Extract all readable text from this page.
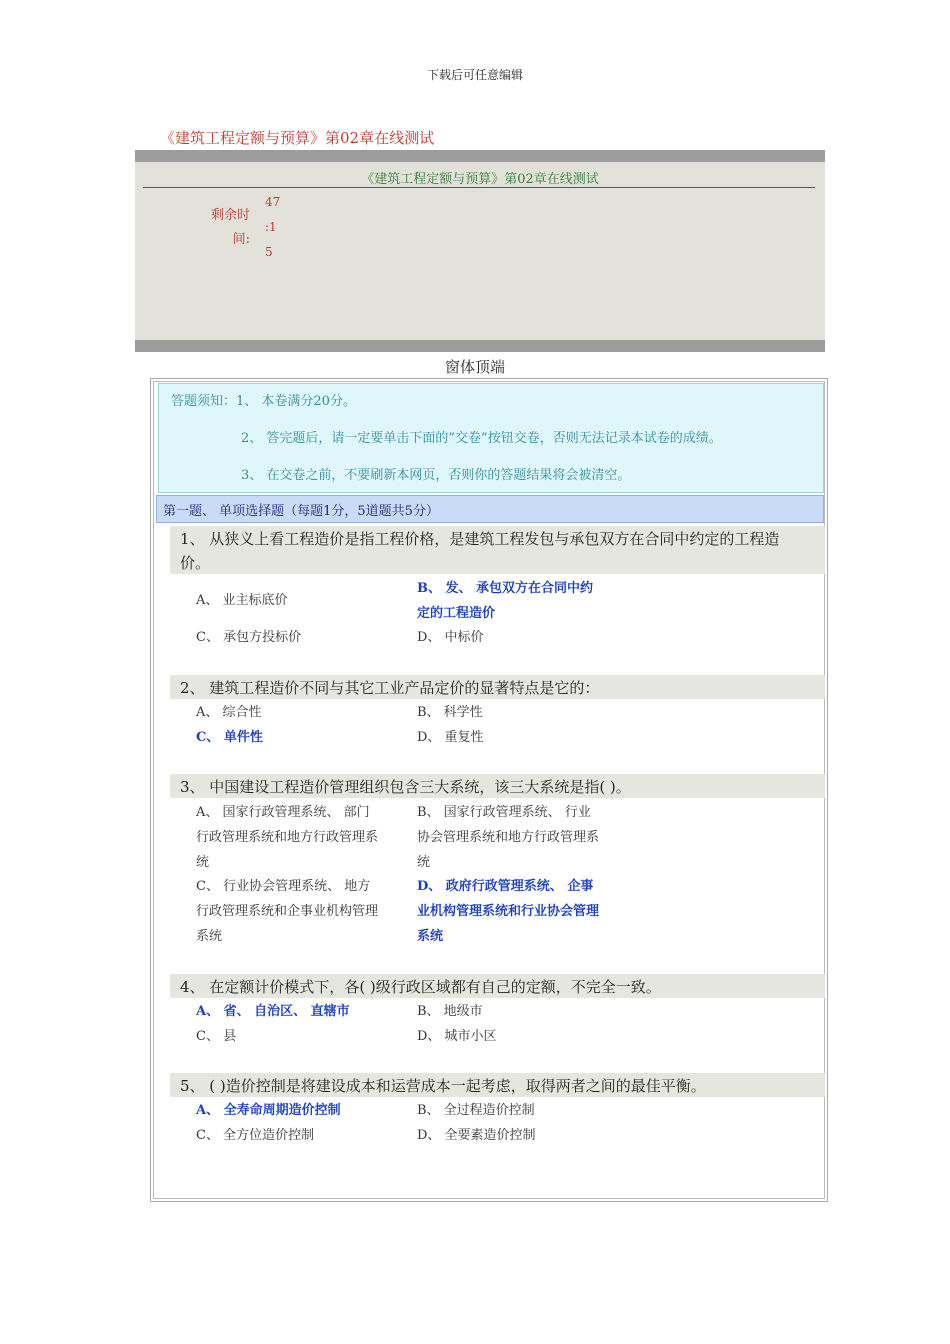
下载后可任意编辑
《建筑工程定额与预算》第02章在线测试
《建筑工程定额与预算》第02章在线测试
剩余时
间:
47
:1
5
窗体顶端
答题须知：1、 本卷满分20分。
2、 答完题后，请一定要单击下面的”交卷”按钮交卷，否则无法记录本试卷的成绩。
3、 在交卷之前，不要刷新本网页，否则你的答题结果将会被清空。
第一题、 单项选择题（每题1分，5道题共5分）
1、 从狭义上看工程造价是指工程价格，是建筑工程发包与承包双方在合同中约定的工程造
价。
A、 业主标底价
B、 发、 承包双方在合同中约
定的工程造价
C、 承包方投标价	D、 中标价
2、 建筑工程造价不同与其它工业产品定价的显著特点是它的：
A、 综合性	B、 科学性
C、 单件性	D、 重复性
3、 中国建设工程造价管理组织包含三大系统，该三大系统是指( )。
A、 国家行政管理系统、 部门
行政管理系统和地方行政管理系
统
B、 国家行政管理系统、 行业
协会管理系统和地方行政管理系
统
C、 行业协会管理系统、 地方
行政管理系统和企事业机构管理
系统
D、 政府行政管理系统、 企事
业机构管理系统和行业协会管理
系统
4、 在定额计价模式下，各( )级行政区域都有自己的定额，不完全一致。
A、 省、 自治区、 直辖市	B、 地级市
C、 县	D、 城市小区
5、 ( )造价控制是将建设成本和运营成本一起考虑，取得两者之间的最佳平衡。
A、 全寿命周期造价控制	B、 全过程造价控制
C、 全方位造价控制	D、 全要素造价控制
